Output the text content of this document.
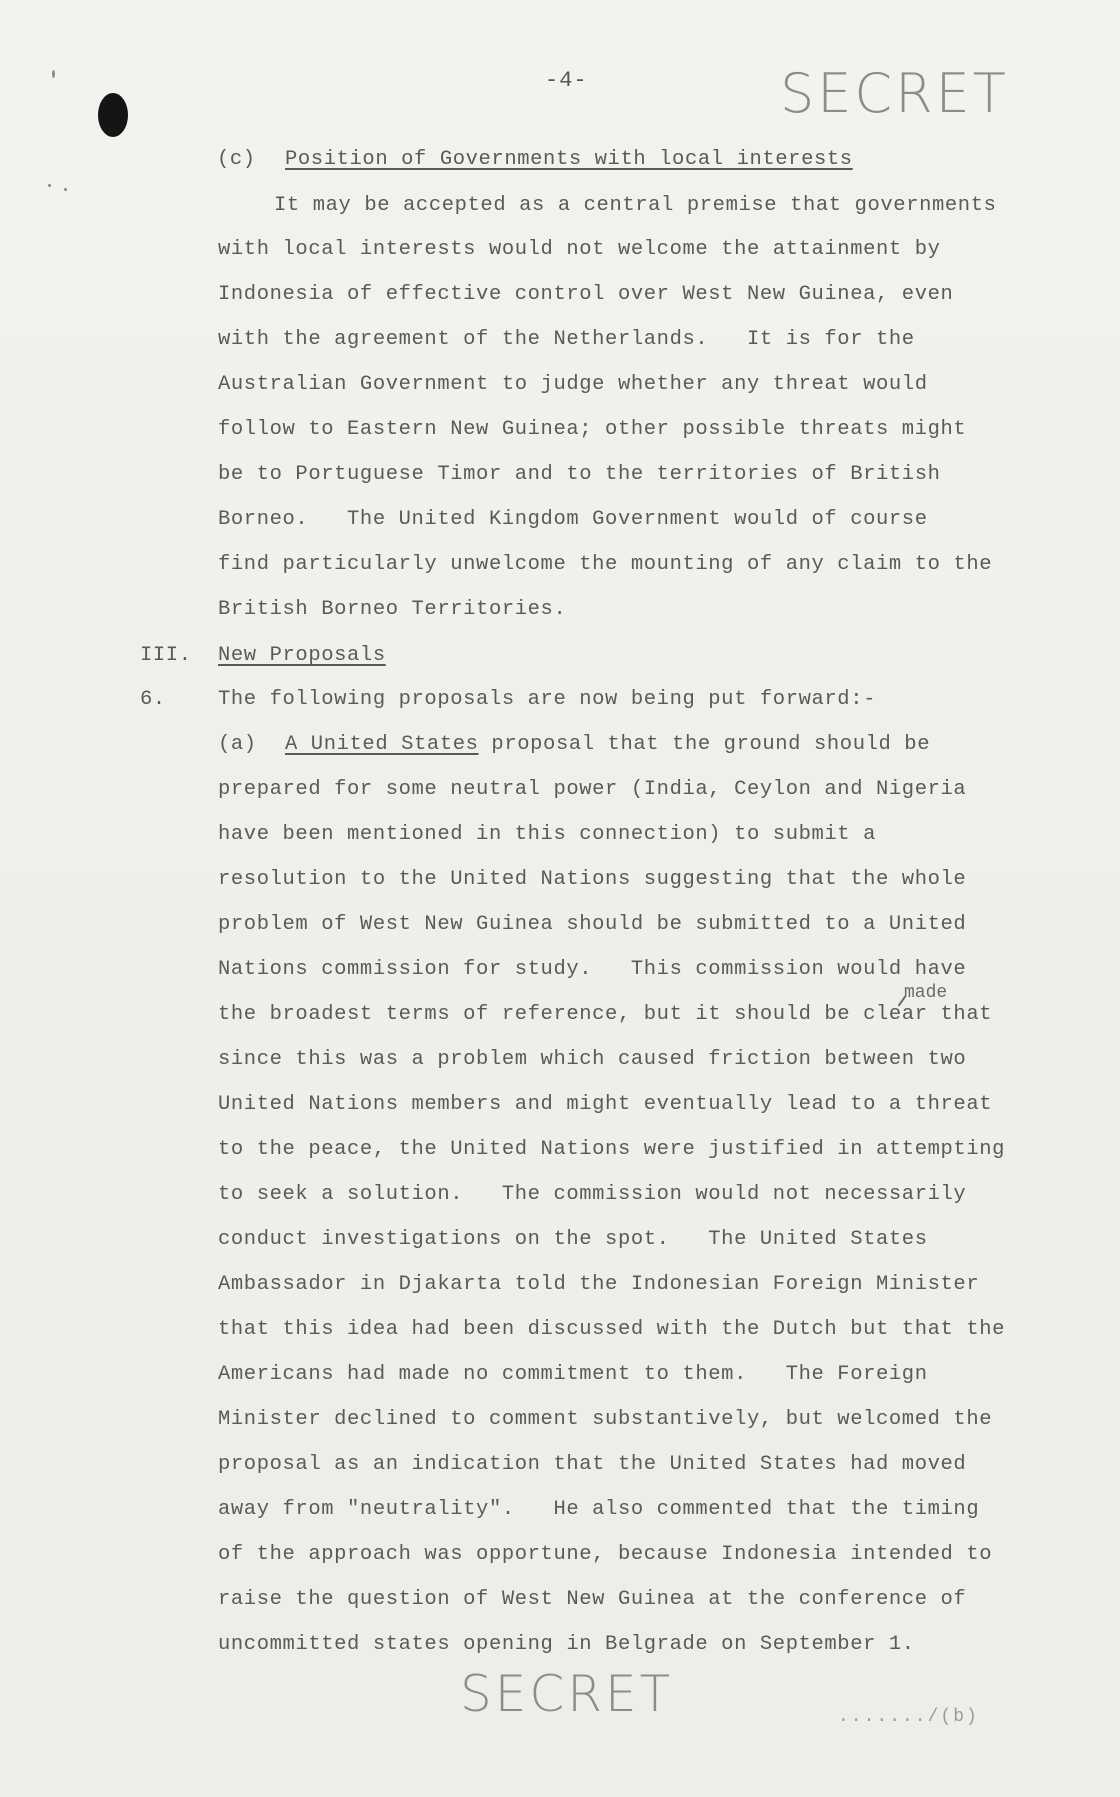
-4-	SECRET
(c) Position of Governments with local interests
It may be accepted as a central premise that governments
with local interests would not welcome the attainment by
Indonesia of effective control over West New Guinea, even
with the agreement of the Netherlands.   It is for the
Australian Government to judge whether any threat would
follow to Eastern New Guinea; other possible threats might
be to Portuguese Timor and to the territories of British
Borneo.   The United Kingdom Government would of course
find particularly unwelcome the mounting of any claim to the
British Borneo Territories.
III. New Proposals
6.	The following proposals are now being put forward:-
(a) A United States proposal that the ground should be
prepared for some neutral power (India, Ceylon and Nigeria
have been mentioned in this connection) to submit a
resolution to the United Nations suggesting that the whole
problem of West New Guinea should be submitted to a United
Nations commission for study.   This commission would have
made
the broadest terms of reference, but it should be clear that
since this was a problem which caused friction between two
United Nations members and might eventually lead to a threat
to the peace, the United Nations were justified in attempting
to seek a solution.   The commission would not necessarily
conduct investigations on the spot.   The United States
Ambassador in Djakarta told the Indonesian Foreign Minister
that this idea had been discussed with the Dutch but that the
Americans had made no commitment to them.   The Foreign
Minister declined to comment substantively, but welcomed the
proposal as an indication that the United States had moved
away from "neutrality".   He also commented that the timing
of the approach was opportune, because Indonesia intended to
raise the question of West New Guinea at the conference of
uncommitted states opening in Belgrade on September 1.
SECRET	......./(b)
